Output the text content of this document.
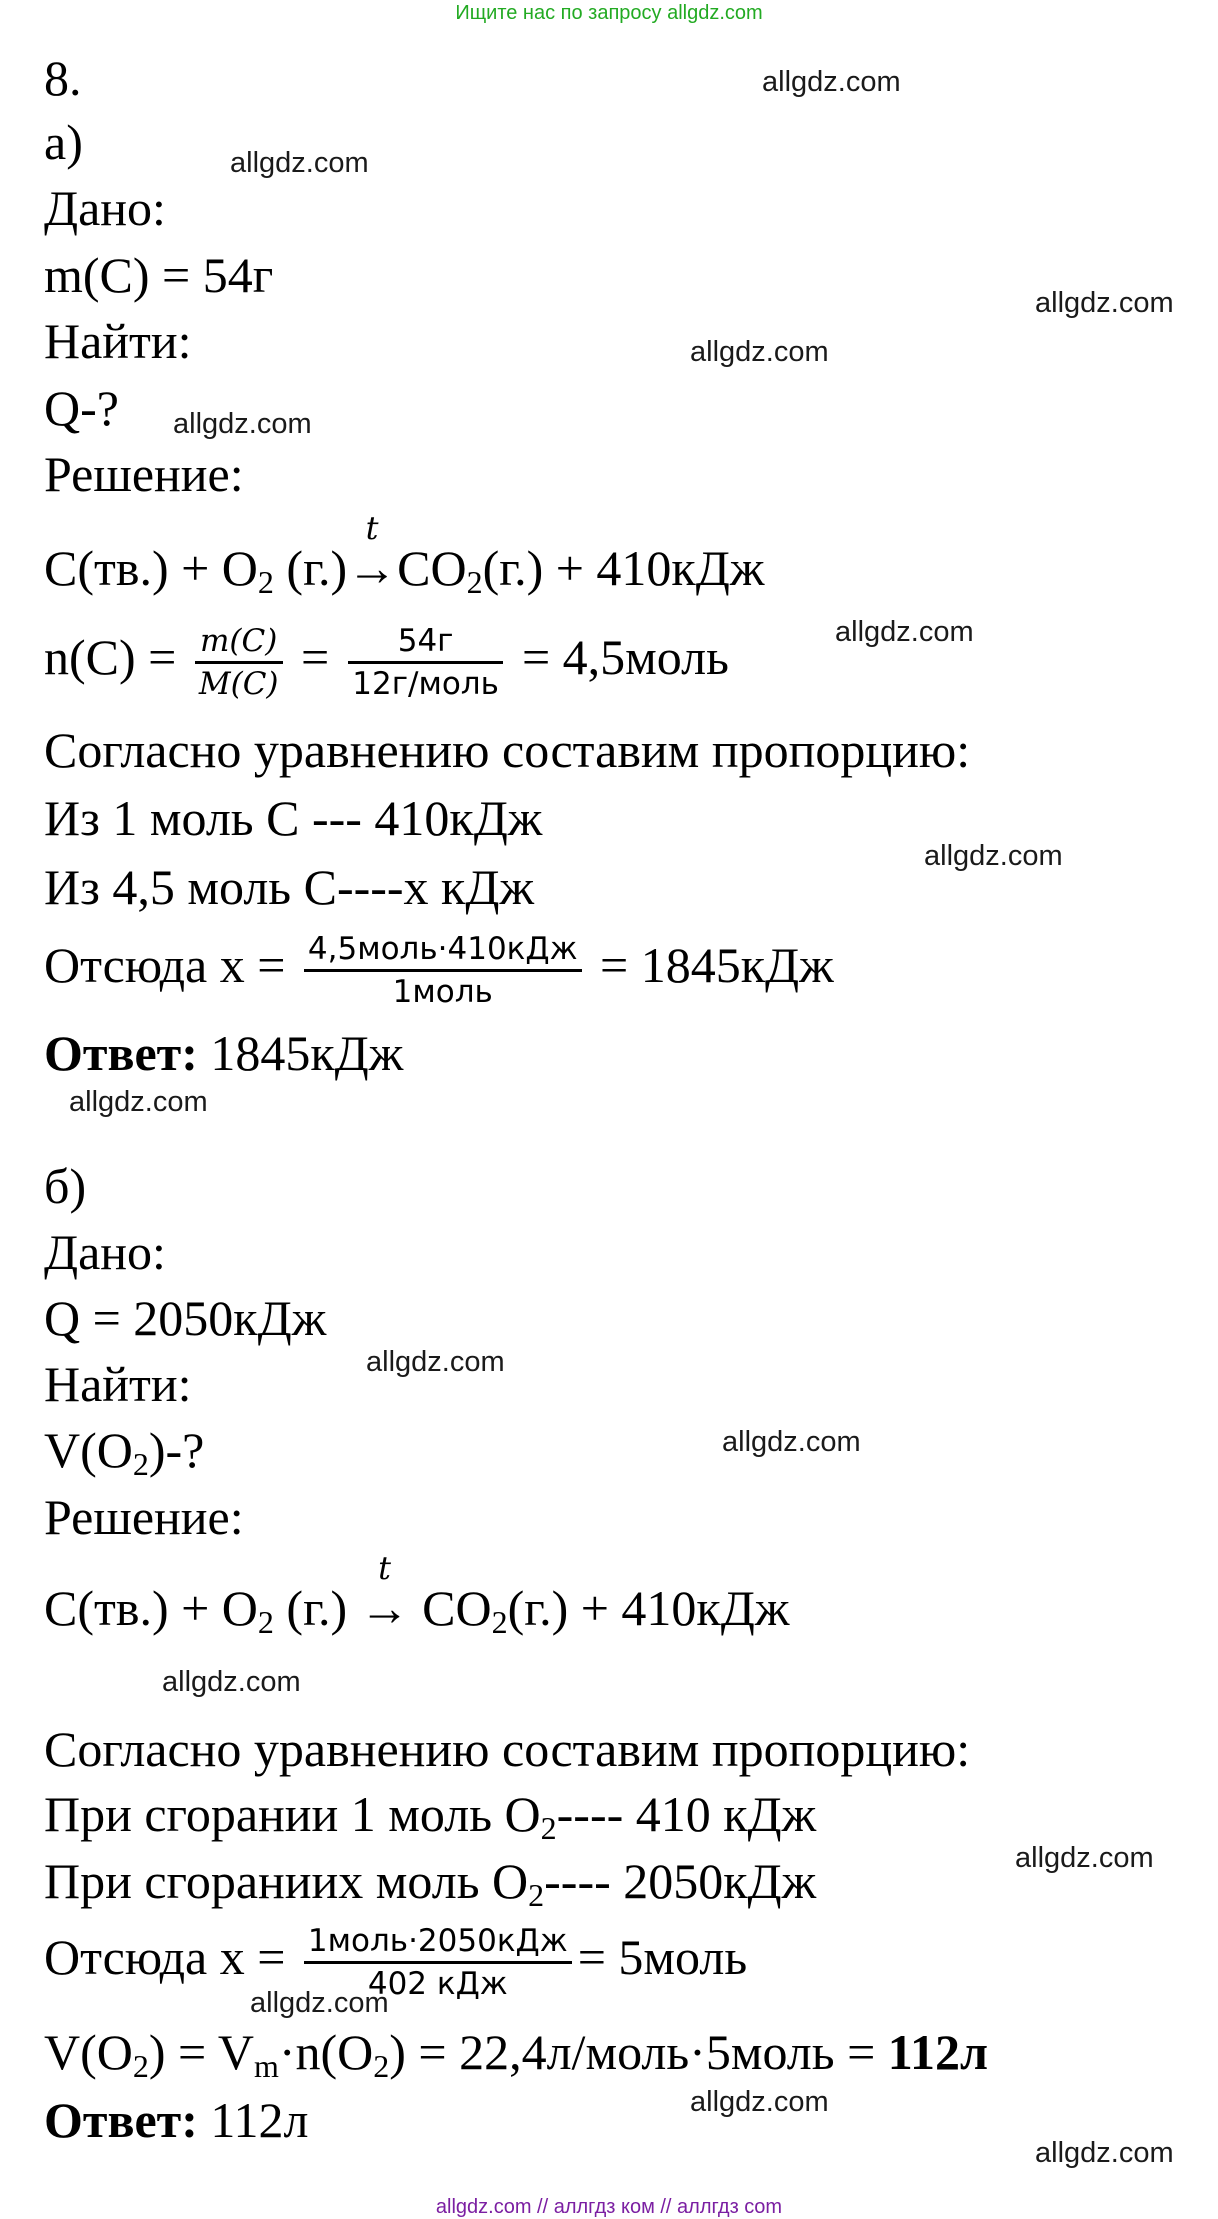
Ищите нас по запросу allgdz.com
8.
а)
Дано:
m(C) = 54г
Найти:
Q-?
Решение:
$C(тв.) + O_2$ (г.)
t
$\to CO_2(г.) + 410кДж$
$n(C) = \frac{m(C)}{M(C)} = \frac{54г}{\text{12г/моль}}$ = 4,5моль
Согласно уравнению составим пропорцию:
Из 1 моль C --- 410кДж
Из 4,5 моль C----x кДж
Отсюда $x = \frac{\text{4,5моль·410кДж}}{\text{1моль}} = 1845кДж$
Ответ: 1845кДж
б)
Дано:
Q = 2050кДж
Найти:
$V(O_2)-$?
Решение:
$C(тв.) + O_2$ (г.)
t
→ $CO_2(г.) + 410кДж$
Согласно уравнению составим пропорцию:
При сгорании 1 моль $O_2----$ 410 кДж
При сгораниих моль $O_2----$ 2050кДж
Отсюда $x = \frac{\text{1моль·2050кДж}}{\text{402 кДж}}$ = 5моль
$V(O_2) = V_m\cdot n(O_2)$ = 22,4л/моль·5моль = 112л
Ответ: 112л
allgdz.com
allgdz.com
allgdz.com
allgdz.com
allgdz.com
allgdz.com
allgdz.com
allgdz.com
allgdz.com
allgdz.com
allgdz.com
allgdz.com
allgdz.com
allgdz.com
allgdz.com
allgdz.com // аллгдз ком // аллгдз com
